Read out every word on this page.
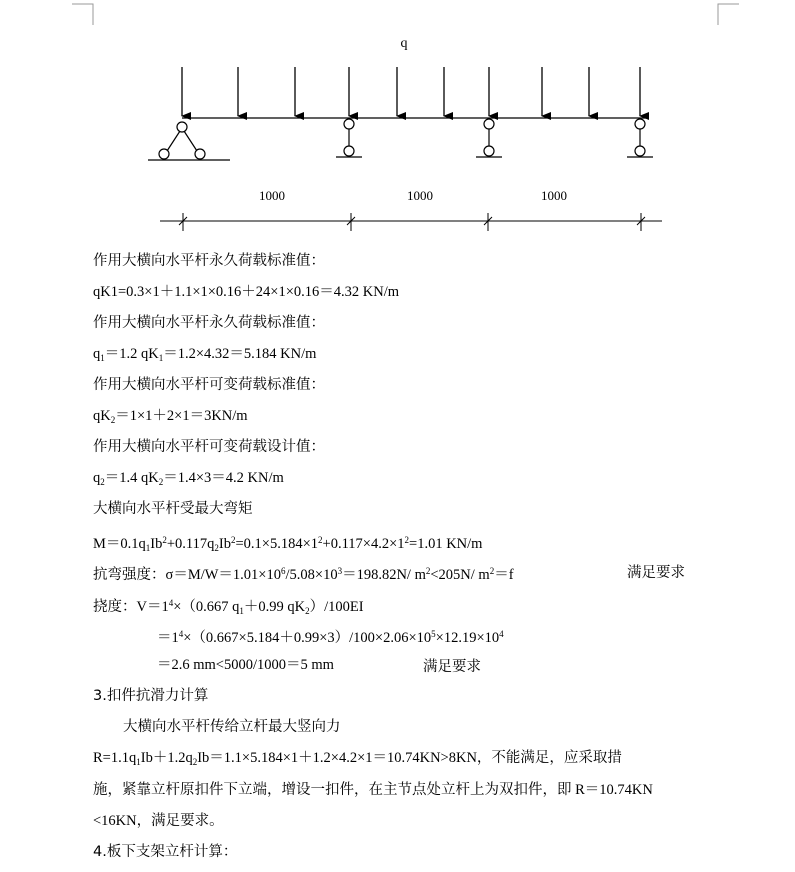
q
1000	1000	1000
作用大横向水平杆永久荷载标准值：
qK1=0.3×1＋1.1×1×0.16＋24×1×0.16＝4.32 KN/m
作用大横向水平杆永久荷载标准值：
$q_1=1.2$ $qK_1=1.2\times 4.32=5.184$ KN/m
作用大横向水平杆可变荷载标准值：
$qK_2=1\times 1+2\times 1=3KN/m$
作用大横向水平杆可变荷载设计值：
$q_2=1.4$ $qK_2=1.4\times 3=4.2$ KN/m
大横向水平杆受最大弯矩
$M=0.1q_1Ib^2+0.117q_2Ib^2=0.1\times 5.184\times 1^2+0.117\times 4.2\times 1^2=1.01$ KN/m
抗弯强度：$\sigma=M/W=1.01\times 10^6/5.08\times 10^3=198.82N/$ $m^2<205N/$ $m^2=f$	满足要求
挠度：$V=1^4\times(0.667$ $q_1+0.99$ $qK_2)/100EI$
$=1^4\times(0.667\times 5.184+0.99\times 3)/100\times 2.06\times 10^5\times 12.19\times 10^4$
＝2.6 mm<5000/1000＝5 mm	满足要求
3.扣件抗滑力计算
大横向水平杆传给立杆最大竖向力
$R=1.1q_1Ib+1.2q_2Ib=1.1\times 5.184\times 1+1.2\times 4.2\times 1=10.74KN>8KN$，不能满足，应采取措
施，紧靠立杆原扣件下立端，增设一扣件，在主节点处立杆上为双扣件，即 R＝10.74KN
<16KN，满足要求。
4.板下支架立杆计算：
